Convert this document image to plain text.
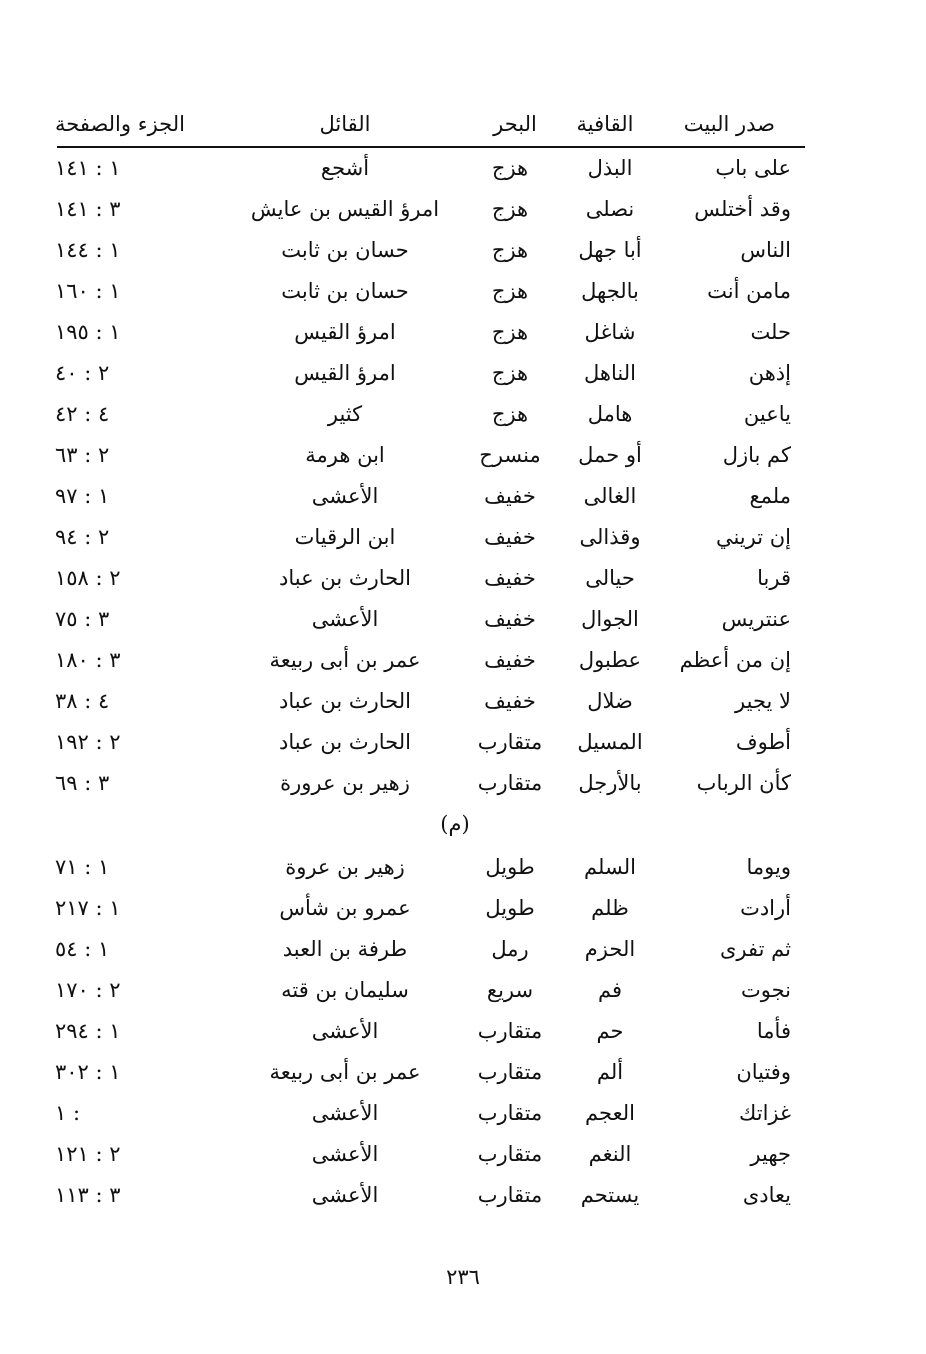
صدر البيت
القافية
البحر
القائل
الجزء والصفحة
على باب
البذل
هزج
أشجع
١ : ١٤١
وقد أختلس
نصلى
هزج
امرؤ القيس بن عايش
٣ : ١٤١
الناس
أبا جهل
هزج
حسان بن ثابت
١ : ١٤٤
مامن أنت
بالجهل
هزج
حسان بن ثابت
١ : ١٦٠
حلت
شاغل
هزج
امرؤ القيس
١ : ١٩٥
إذهن
الناهل
هزج
امرؤ القيس
٢ : ٤٠
ياعين
هامل
هزج
كثير
٤ : ٤٢
كم بازل
أو حمل
منسرح
ابن هرمة
٢ : ٦٣
ملمع
الغالى
خفيف
الأعشى
١ : ٩٧
إن تريني
وقذالى
خفيف
ابن الرقيات
٢ : ٩٤
قربا
حيالى
خفيف
الحارث بن عباد
٢ : ١٥٨
عنتريس
الجوال
خفيف
الأعشى
٣ : ٧٥
إن من أعظم
عطبول
خفيف
عمر بن أبى ربيعة
٣ : ١٨٠
لا يجير
ضلال
خفيف
الحارث بن عباد
٤ : ٣٨
أطوف
المسيل
متقارب
الحارث بن عباد
٢ : ١٩٢
كأن الرباب
بالأرجل
متقارب
زهير بن عرورة
٣ : ٦٩
(م)
ويوما
السلم
طويل
زهير بن عروة
١ : ٧١
أرادت
ظلم
طويل
عمرو بن شأس
١ : ٢١٧
ثم تفرى
الحزم
رمل
طرفة بن العبد
١ : ٥٤
نجوت
فم
سريع
سليمان بن قته
٢ : ١٧٠
فأما
حم
متقارب
الأعشى
١ : ٢٩٤
وفتيان
ألم
متقارب
عمر بن أبى ربيعة
١ : ٣٠٢
غزاتك
العجم
متقارب
الأعشى
١ :
جهير
النغم
متقارب
الأعشى
٢ : ١٢١
يعادى
يستحم
متقارب
الأعشى
٣ : ١١٣
٢٣٦
